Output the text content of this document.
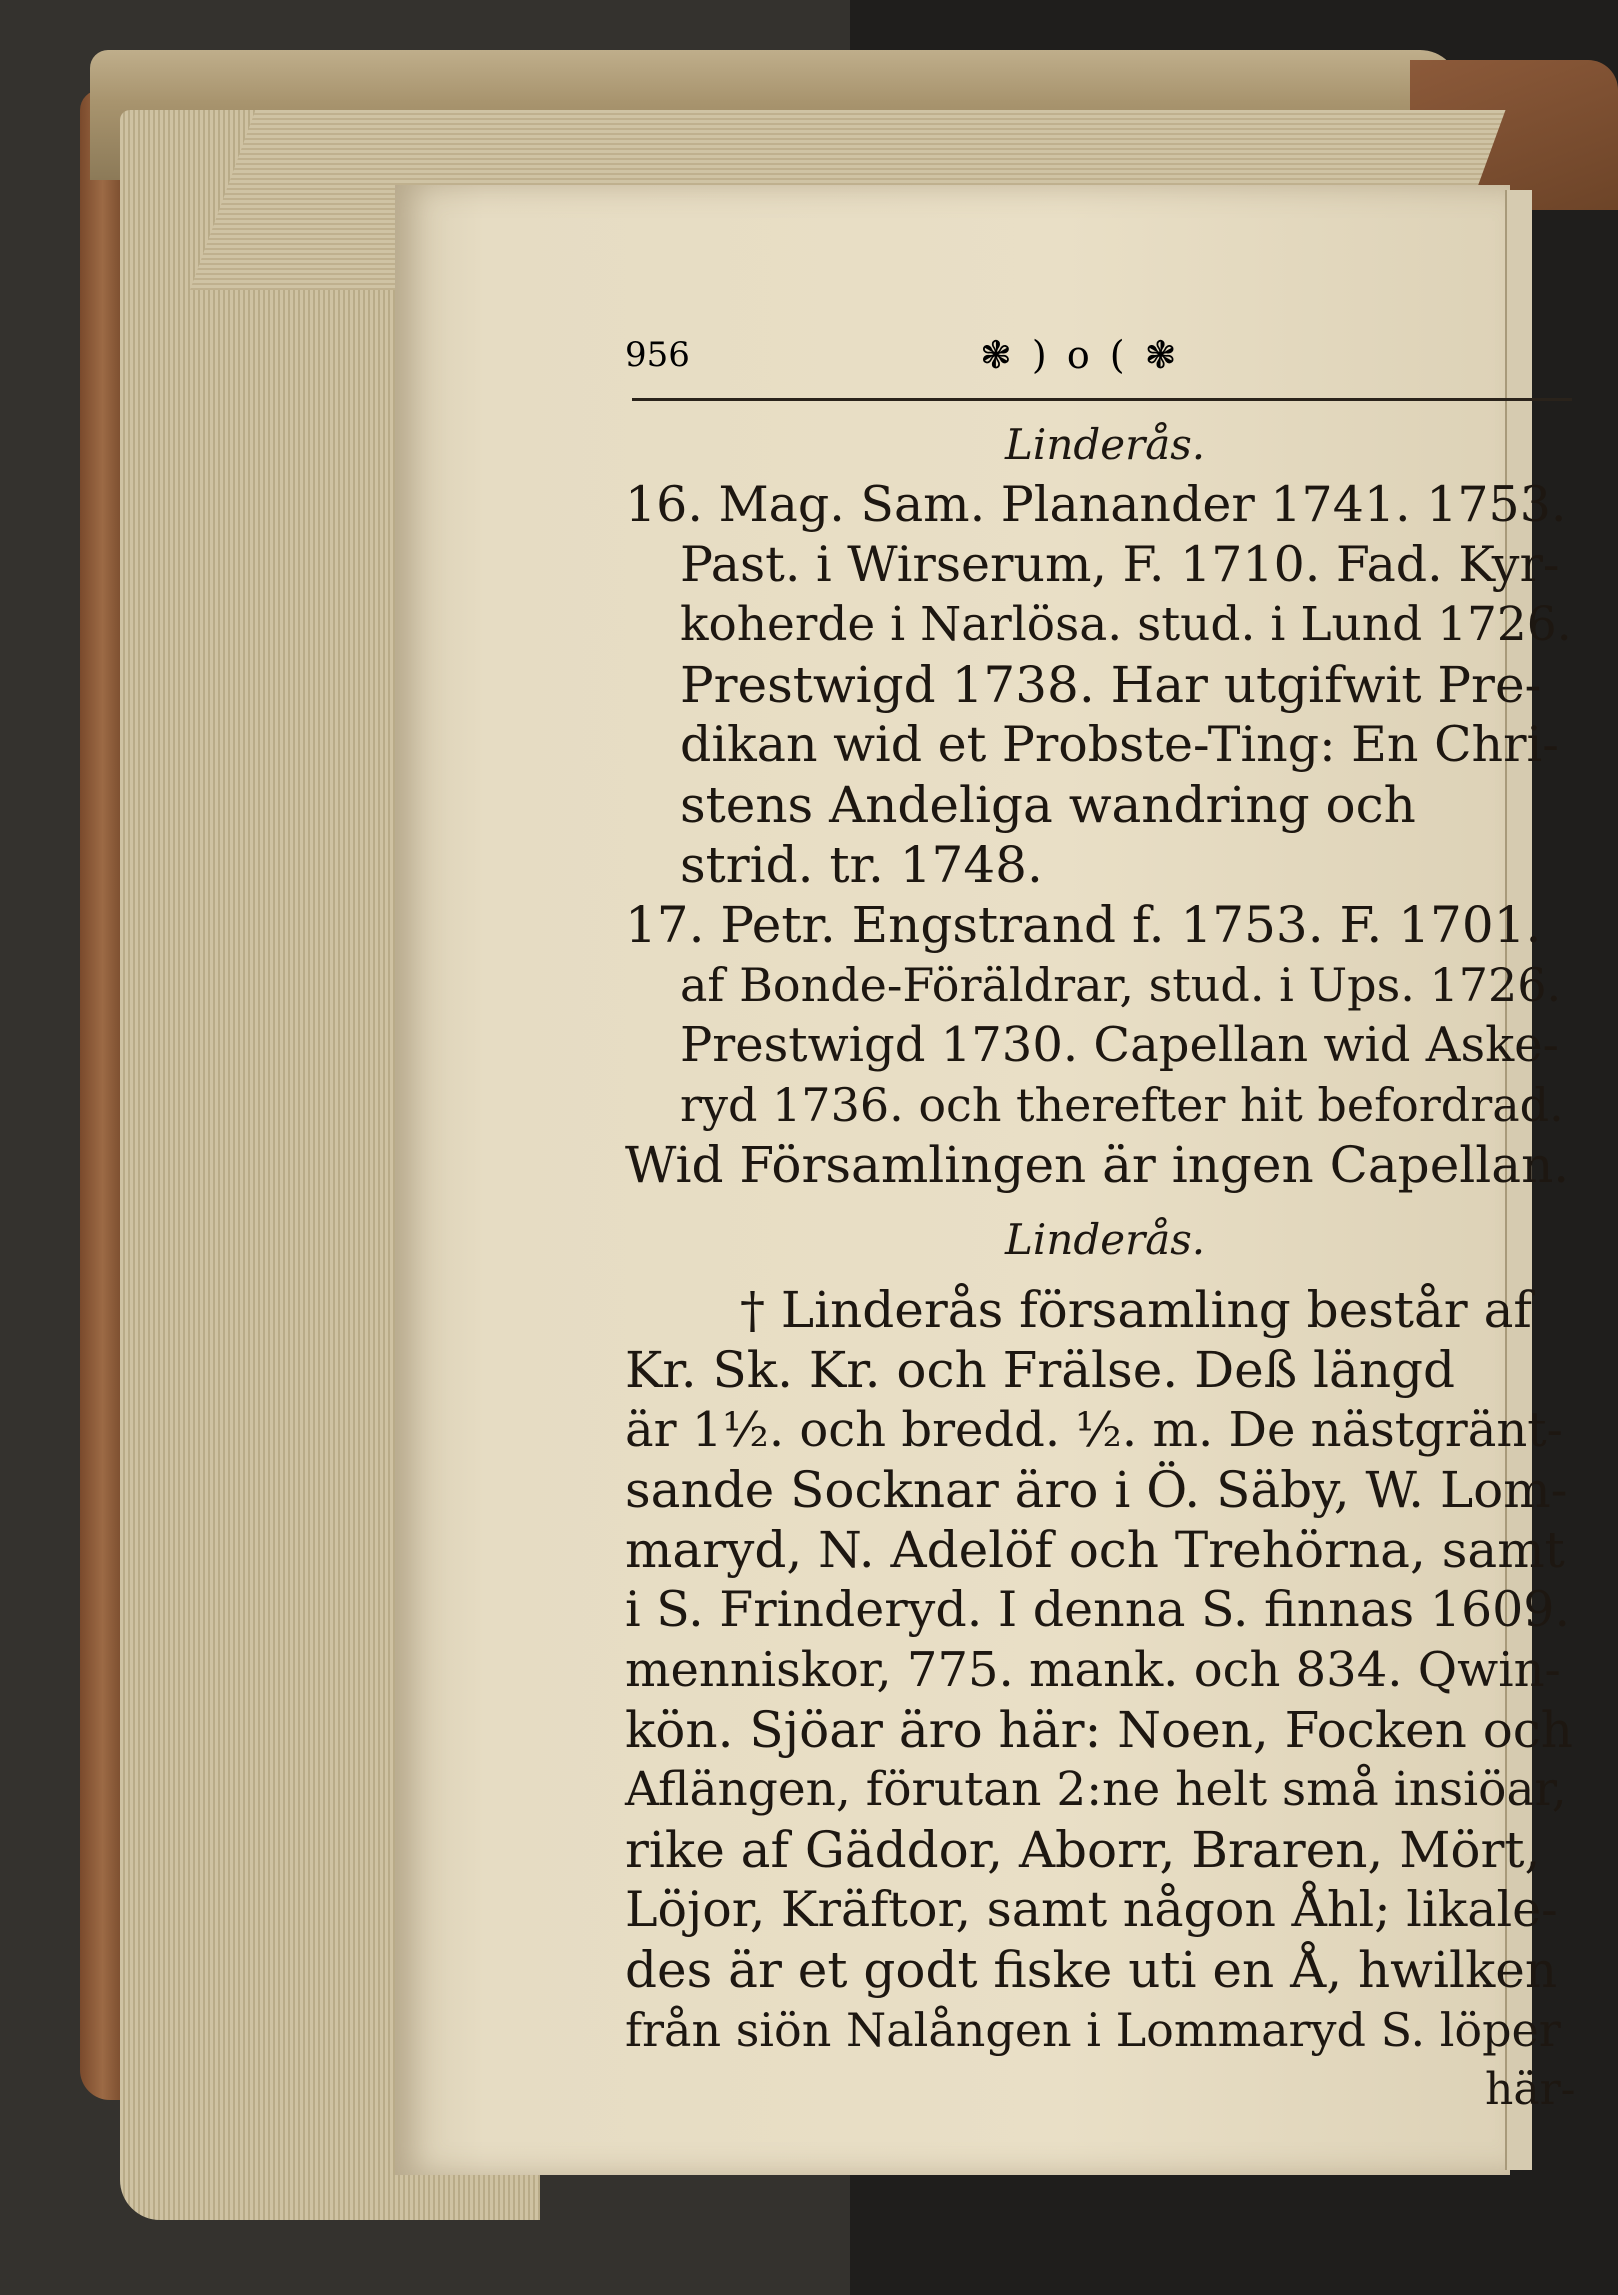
956	❃ ) o ( ❃
Linderås.
16. Mag. Sam. Planander 1741. 1753.
Past. i Wirserum, F. 1710. Fad. Kyr-
koherde i Narlösa. stud. i Lund 1726.
Prestwigd 1738. Har utgifwit Pre-
dikan wid et Probste-Ting: En Chri-
stens Andeliga wandring och
strid. tr. 1748.
17. Petr. Engstrand f. 1753. F. 1701.
af Bonde-Föräldrar, stud. i Ups. 1726.
Prestwigd 1730. Capellan wid Aske-
ryd 1736. och therefter hit befordrad.
Wid Församlingen är ingen Capellan.
Linderås.
† Linderås församling består af
Kr. Sk. Kr. och Frälse. Deß längd
är 1½. och bredd. ½. m. De nästgränt-
sande Socknar äro i Ö. Säby, W. Lom-
maryd, N. Adelöf och Trehörna, samt
i S. Frinderyd. I denna S. finnas 1609.
menniskor, 775. mank. och 834. Qwin-
kön. Sjöar äro här: Noen, Focken och
Aflängen, förutan 2:ne helt små insiöar,
rike af Gäddor, Aborr, Braren, Mört,
Löjor, Kräftor, samt någon Åhl; likale-
des är et godt fiske uti en Å, hwilken
från siön Nalången i Lommaryd S. löper
här-
